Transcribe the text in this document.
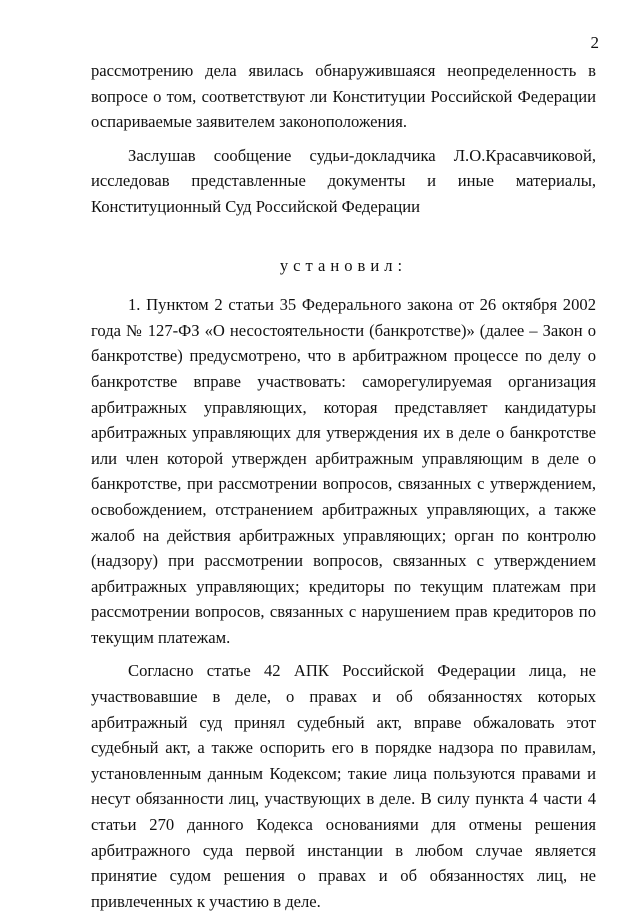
2

рассмотрению дела явилась обнаружившаяся неопределенность в вопросе о том, соответствуют ли Конституции Российской Федерации оспариваемые заявителем законоположения.

Заслушав сообщение судьи-докладчика Л.О.Красавчиковой, исследовав представленные документы и иные материалы, Конституционный Суд Российской Федерации

установил:

1. Пунктом 2 статьи 35 Федерального закона от 26 октября 2002 года № 127-ФЗ «О несостоятельности (банкротстве)» (далее – Закон о банкротстве) предусмотрено, что в арбитражном процессе по делу о банкротстве вправе участвовать: саморегулируемая организация арбитражных управляющих, которая представляет кандидатуры арбитражных управляющих для утверждения их в деле о банкротстве или член которой утвержден арбитражным управляющим в деле о банкротстве, при рассмотрении вопросов, связанных с утверждением, освобождением, отстранением арбитражных управляющих, а также жалоб на действия арбитражных управляющих; орган по контролю (надзору) при рассмотрении вопросов, связанных с утверждением арбитражных управляющих; кредиторы по текущим платежам при рассмотрении вопросов, связанных с нарушением прав кредиторов по текущим платежам.

Согласно статье 42 АПК Российской Федерации лица, не участвовавшие в деле, о правах и об обязанностях которых арбитражный суд принял судебный акт, вправе обжаловать этот судебный акт, а также оспорить его в порядке надзора по правилам, установленным данным Кодексом; такие лица пользуются правами и несут обязанности лиц, участвующих в деле. В силу пункта 4 части 4 статьи 270 данного Кодекса основаниями для отмены решения арбитражного суда первой инстанции в любом случае является принятие судом решения о правах и об обязанностях лиц, не привлеченных к участию в деле.
